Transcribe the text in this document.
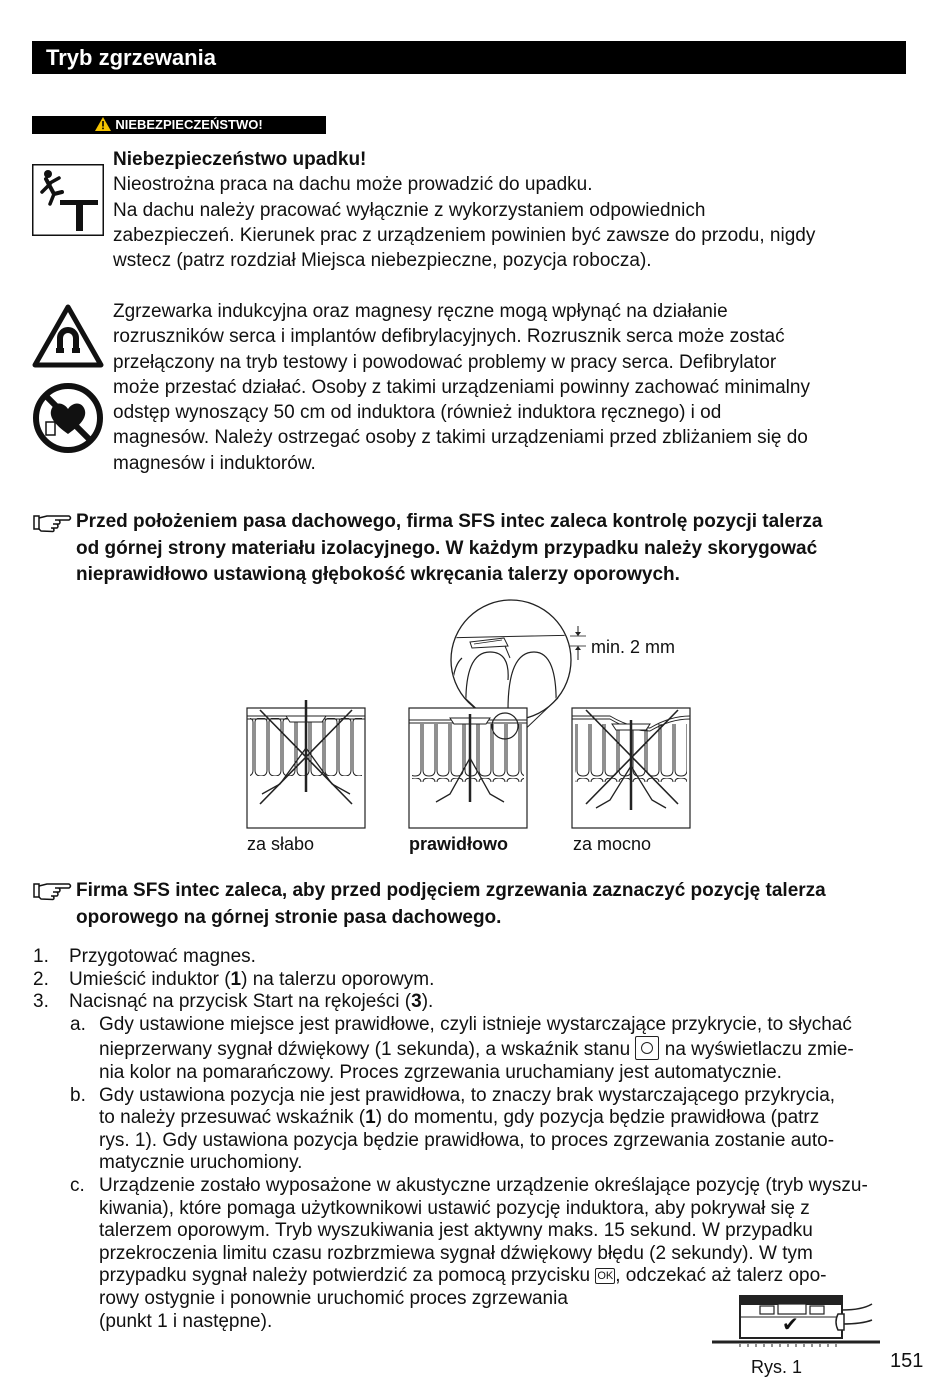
Tryb zgrzewania
NIEBEZPIECZEŃSTWO!

Niebezpieczeństwo upadku!

Nieostrożna praca na dachu może prowadzić do upadku.

Na dachu należy pracować wyłącznie z wykorzystaniem odpowiednich

zabezpieczeń. Kierunek prac z urządzeniem powinien być zawsze do przodu, nigdy

wstecz (patrz rozdział Miejsca niebezpieczne, pozycja robocza).

Zgrzewarka indukcyjna oraz magnesy ręczne mogą wpłynąć na działanie

rozruszników serca i implantów defibrylacyjnych. Rozrusznik serca może zostać

przełączony na tryb testowy i powodować problemy w pracy serca. Defibrylator

może przestać działać. Osoby z takimi urządzeniami powinny zachować minimalny

odstęp wynoszący 50 cm od induktora (również induktora ręcznego) i od

magnesów. Należy ostrzegać osoby z takimi urządzeniami przed zbliżaniem się do

magnesów i induktorów.

Przed położeniem pasa dachowego, firma SFS intec zaleca kontrolę pozycji talerza
od górnej strony materiału izolacyjnego. W każdym przypadku należy skorygować
nieprawidłowo ustawioną głębokość wkręcania talerzy oporowych.
min. 2 mm
za słabo	prawidłowo	za mocno
Firma SFS intec zaleca, aby przed podjęciem zgrzewania zaznaczyć pozycję talerza
oporowego na górnej stronie pasa dachowego.
1. Przygotować magnes.
2. Umieścić induktor (1) na talerzu oporowym.
3. Nacisnąć na przycisk Start na rękojeści (3).
a. Gdy ustawione miejsce jest prawidłowe, czyli istnieje wystarczające przykrycie, to słychać
nieprzerwany sygnał dźwiękowy (1 sekunda), a wskaźnik stanu na wyświetlaczu zmie-
nia kolor na pomarańczowy. Proces zgrzewania uruchamiany jest automatycznie.
b. Gdy ustawiona pozycja nie jest prawidłowa, to znaczy brak wystarczającego przykrycia,
to należy przesuwać wskaźnik (1) do momentu, gdy pozycja będzie prawidłowa (patrz
rys. 1). Gdy ustawiona pozycja będzie prawidłowa, to proces zgrzewania zostanie auto-
matycznie uruchomiony.
c. Urządzenie zostało wyposażone w akustyczne urządzenie określające pozycję (tryb wyszu-
kiwania), które pomaga użytkownikowi ustawić pozycję induktora, aby pokrywał się z
talerzem oporowym. Tryb wyszukiwania jest aktywny maks. 15 sekund. W przypadku
przekroczenia limitu czasu rozbrzmiewa sygnał dźwiękowy błędu (2 sekundy). W tym
przypadku sygnał należy potwierdzić za pomocą przycisku OK , odczekać aż talerz opo-
rowy ostygnie i ponownie uruchomić proces zgrzewania
(punkt 1 i następne).	✔
Rys. 1	151
